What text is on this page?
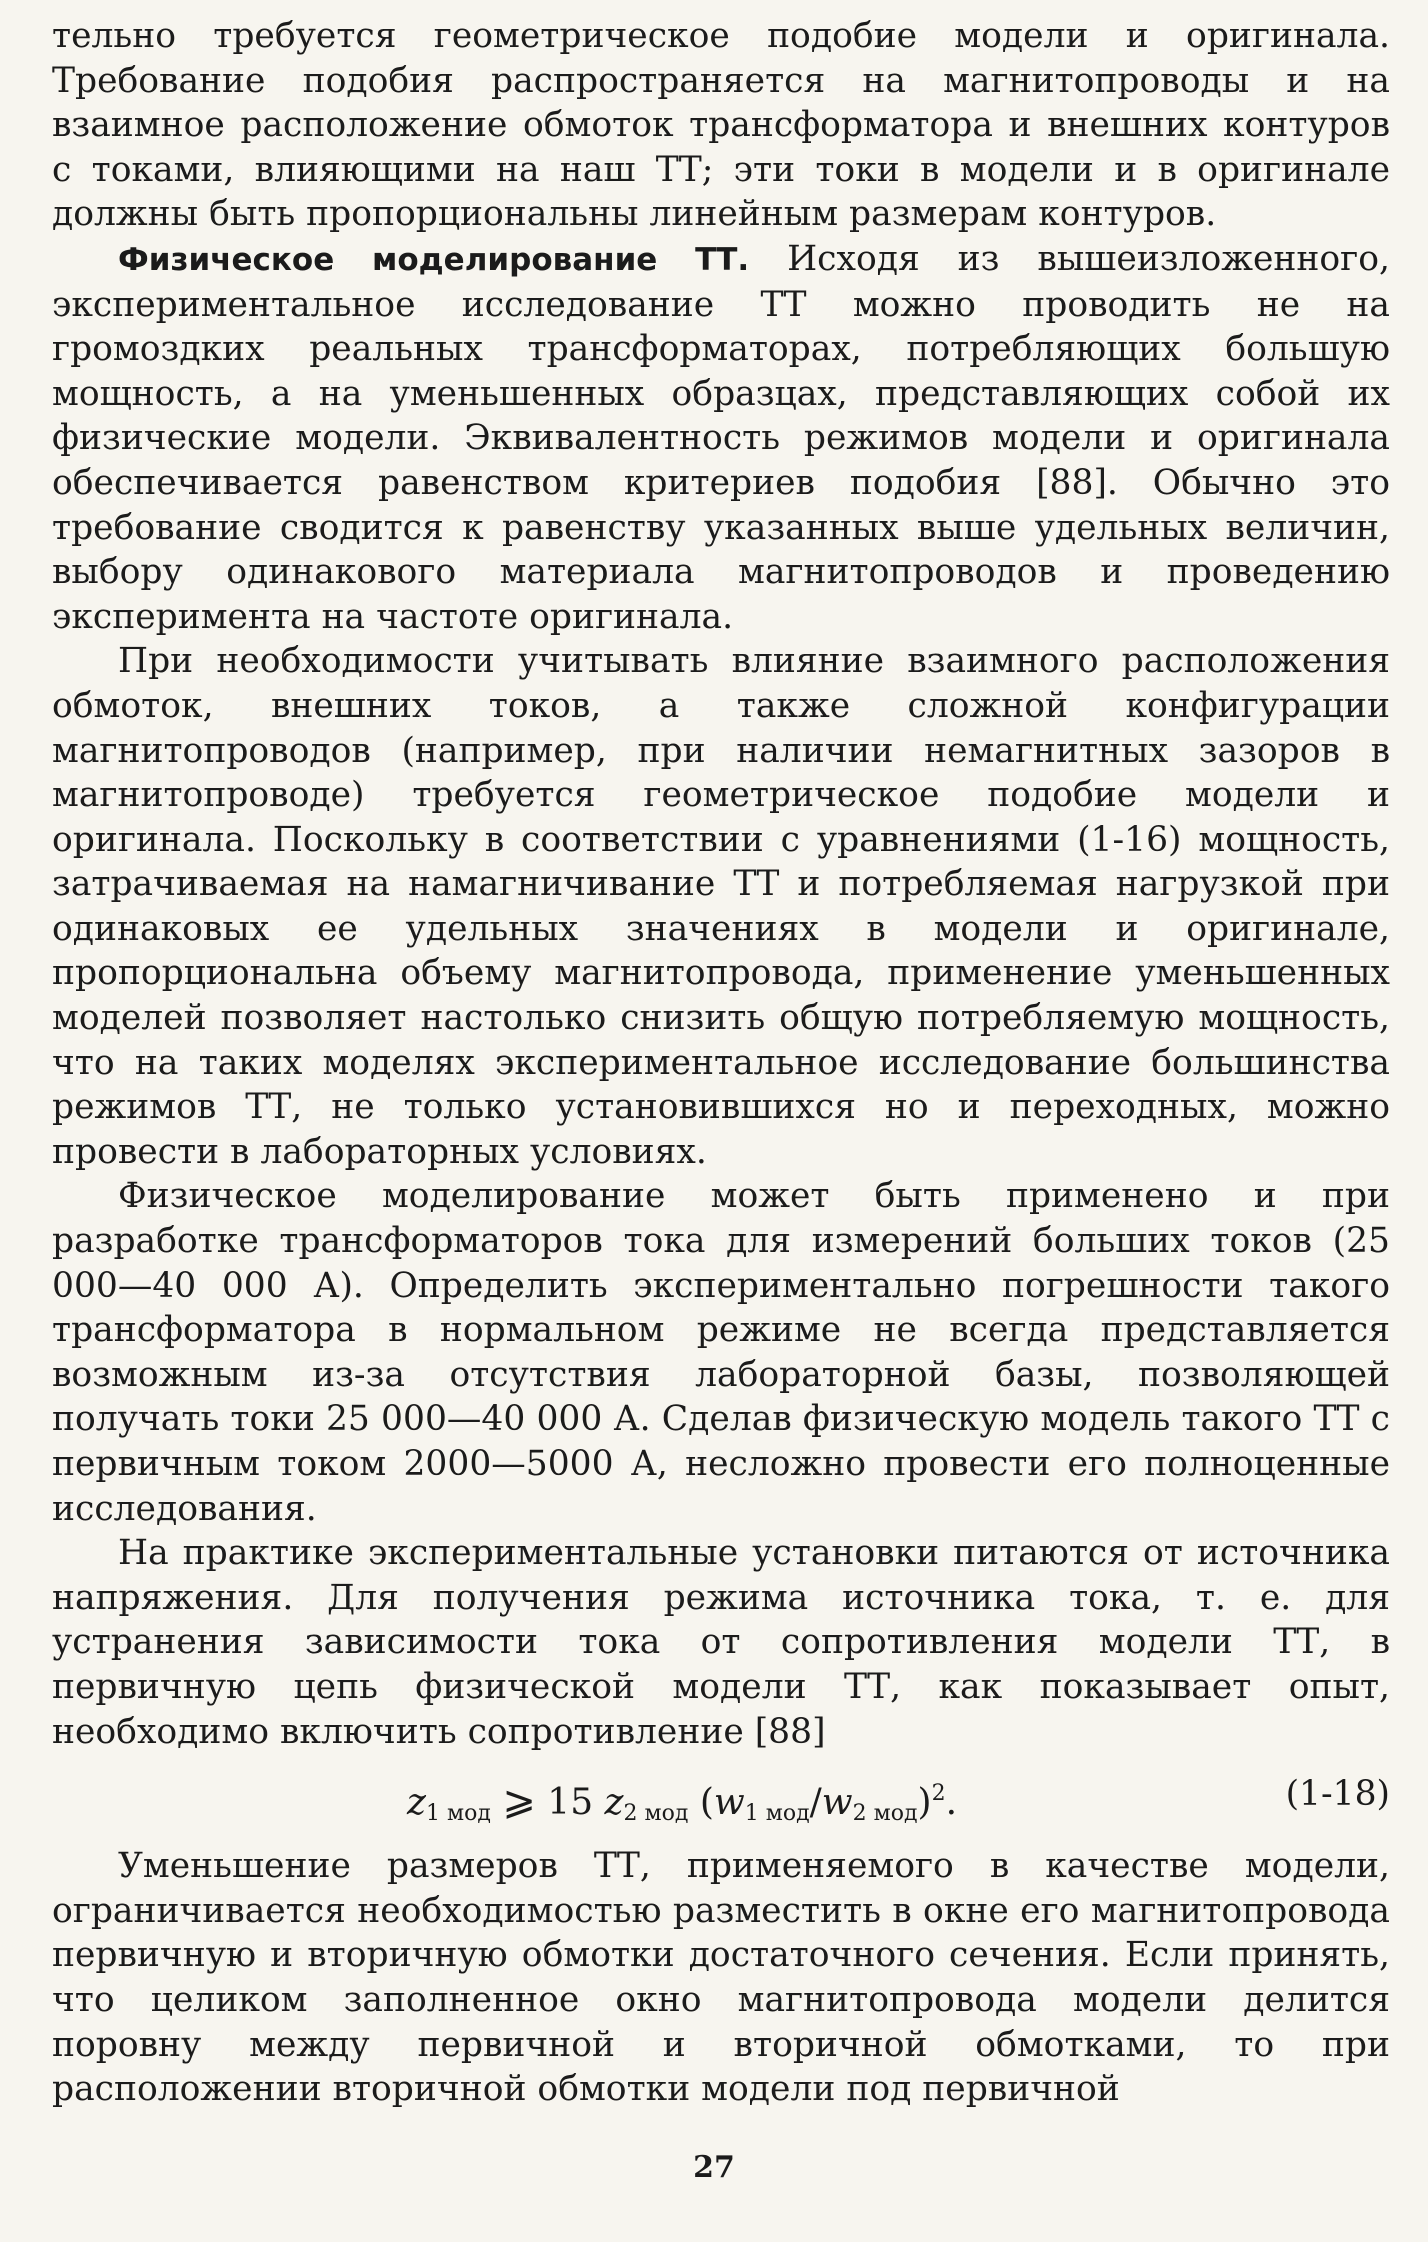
тельно требуется геометрическое подобие модели и оригинала. Требование подобия распространяется на магнитопроводы и на взаимное расположение обмоток трансформатора и внешних контуров с токами, влияющими на наш ТТ; эти токи в модели и в оригинале должны быть пропорциональны линейным размерам контуров.

Физическое моделирование ТТ. Исходя из вышеизложенного, экспериментальное исследование ТТ можно проводить не на громоздких реальных трансформаторах, потребляющих большую мощность, а на уменьшенных образцах, представляющих собой их физические модели. Эквивалентность режимов модели и оригинала обеспечивается равенством критериев подобия [88]. Обычно это требование сводится к равенству указанных выше удельных величин, выбору одинакового материала магнитопроводов и проведению эксперимента на частоте оригинала.

При необходимости учитывать влияние взаимного расположения обмоток, внешних токов, а также сложной конфигурации магнитопроводов (например, при наличии немагнитных зазоров в магнитопроводе) требуется геометрическое подобие модели и оригинала. Поскольку в соответствии с уравнениями (1-16) мощность, затрачиваемая на намагничивание ТТ и потребляемая нагрузкой при одинаковых ее удельных значениях в модели и оригинале, пропорциональна объему магнитопровода, применение уменьшенных моделей позволяет настолько снизить общую потребляемую мощность, что на таких моделях экспериментальное исследование большинства режимов ТТ, не только установившихся но и переходных, можно провести в лабораторных условиях.

Физическое моделирование может быть применено и при разработке трансформаторов тока для измерений больших токов (25 000—40 000 А). Определить экспериментально погрешности такого трансформатора в нормальном режиме не всегда представляется возможным из-за отсутствия лабораторной базы, позволяющей получать токи 25 000—40 000 А. Сделав физическую модель такого ТТ с первичным током 2000—5000 А, несложно провести его полноценные исследования.

На практике экспериментальные установки питаются от источника напряжения. Для получения режима источника тока, т. е. для устранения зависимости тока от сопротивления модели ТТ, в первичную цепь физической модели ТТ, как показывает опыт, необходимо включить сопротивление [88]

$z_{1 мод}$ ⩾ 15 $z_{2 мод}$ $(w_{1 мод}/w_{2 мод})^2$.	(1-18)

Уменьшение размеров ТТ, применяемого в качестве модели, ограничивается необходимостью разместить в окне его магнитопровода первичную и вторичную обмотки достаточного сечения. Если принять, что целиком заполненное окно магнитопровода модели делится поровну между первичной и вторичной обмотками, то при расположении вторичной обмотки модели под первичной

27
